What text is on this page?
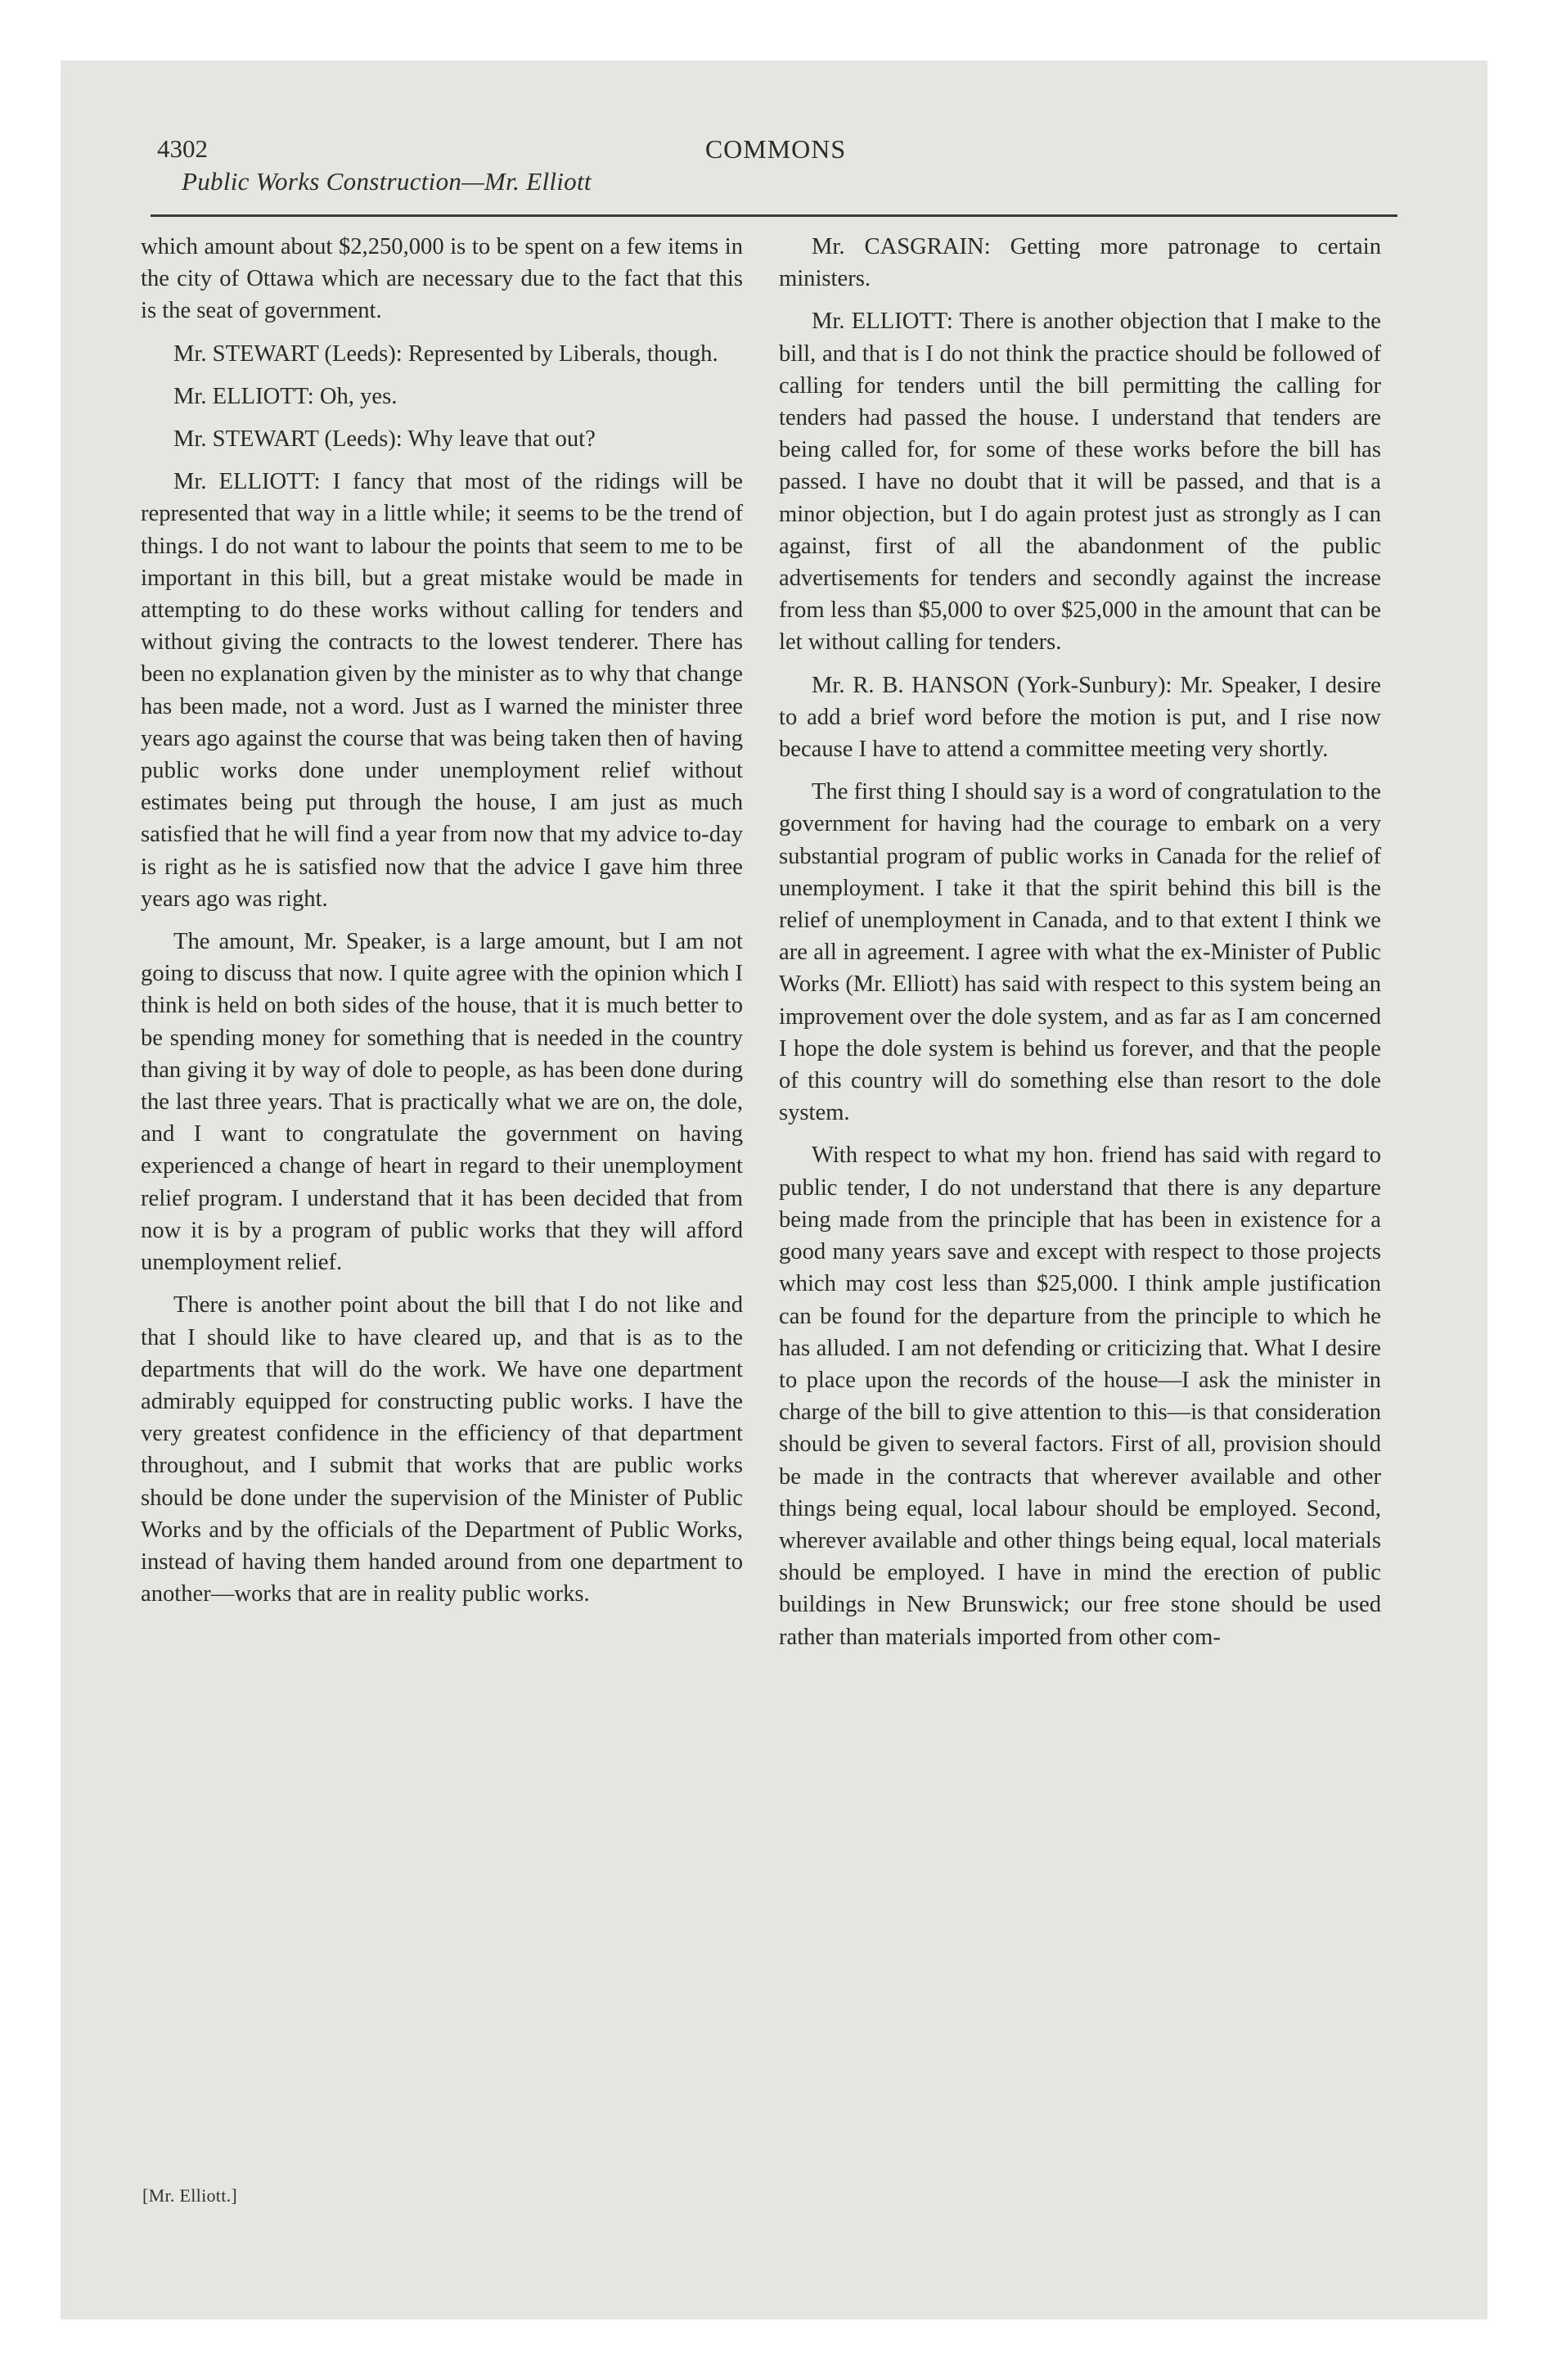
4302	COMMONS
Public Works Construction—Mr. Elliott

which amount about $2,250,000 is to be spent on a few items in the city of Ottawa which are necessary due to the fact that this is the seat of government.

Mr. STEWART (Leeds): Represented by Liberals, though.

Mr. ELLIOTT: Oh, yes.

Mr. STEWART (Leeds): Why leave that out?

Mr. ELLIOTT: I fancy that most of the ridings will be represented that way in a little while; it seems to be the trend of things. I do not want to labour the points that seem to me to be important in this bill, but a great mistake would be made in attempting to do these works without calling for tenders and without giving the contracts to the lowest tenderer. There has been no explanation given by the minister as to why that change has been made, not a word. Just as I warned the minister three years ago against the course that was being taken then of having public works done under unemployment relief without estimates being put through the house, I am just as much satisfied that he will find a year from now that my advice to-day is right as he is satisfied now that the advice I gave him three years ago was right.

The amount, Mr. Speaker, is a large amount, but I am not going to discuss that now. I quite agree with the opinion which I think is held on both sides of the house, that it is much better to be spending money for something that is needed in the country than giving it by way of dole to people, as has been done during the last three years. That is practically what we are on, the dole, and I want to congratulate the government on having experienced a change of heart in regard to their unemployment relief program. I understand that it has been decided that from now it is by a program of public works that they will afford unemployment relief.

There is another point about the bill that I do not like and that I should like to have cleared up, and that is as to the departments that will do the work. We have one department admirably equipped for constructing public works. I have the very greatest confidence in the efficiency of that department throughout, and I submit that works that are public works should be done under the supervision of the Minister of Public Works and by the officials of the Department of Public Works, instead of having them handed around from one department to another—works that are in reality public works.

Mr. CASGRAIN: Getting more patronage to certain ministers.

Mr. ELLIOTT: There is another objection that I make to the bill, and that is I do not think the practice should be followed of calling for tenders until the bill permitting the calling for tenders had passed the house. I understand that tenders are being called for, for some of these works before the bill has passed. I have no doubt that it will be passed, and that is a minor objection, but I do again protest just as strongly as I can against, first of all the abandonment of the public advertisements for tenders and secondly against the increase from less than $5,000 to over $25,000 in the amount that can be let without calling for tenders.

Mr. R. B. HANSON (York-Sunbury): Mr. Speaker, I desire to add a brief word before the motion is put, and I rise now because I have to attend a committee meeting very shortly.

The first thing I should say is a word of congratulation to the government for having had the courage to embark on a very substantial program of public works in Canada for the relief of unemployment. I take it that the spirit behind this bill is the relief of unemployment in Canada, and to that extent I think we are all in agreement. I agree with what the ex-Minister of Public Works (Mr. Elliott) has said with respect to this system being an improvement over the dole system, and as far as I am concerned I hope the dole system is behind us forever, and that the people of this country will do something else than resort to the dole system.

With respect to what my hon. friend has said with regard to public tender, I do not understand that there is any departure being made from the principle that has been in existence for a good many years save and except with respect to those projects which may cost less than $25,000. I think ample justification can be found for the departure from the principle to which he has alluded. I am not defending or criticizing that. What I desire to place upon the records of the house—I ask the minister in charge of the bill to give attention to this—is that consideration should be given to several factors. First of all, provision should be made in the contracts that wherever available and other things being equal, local labour should be employed. Second, wherever available and other things being equal, local materials should be employed. I have in mind the erection of public buildings in New Brunswick; our free stone should be used rather than materials imported from other com-

[Mr. Elliott.]
